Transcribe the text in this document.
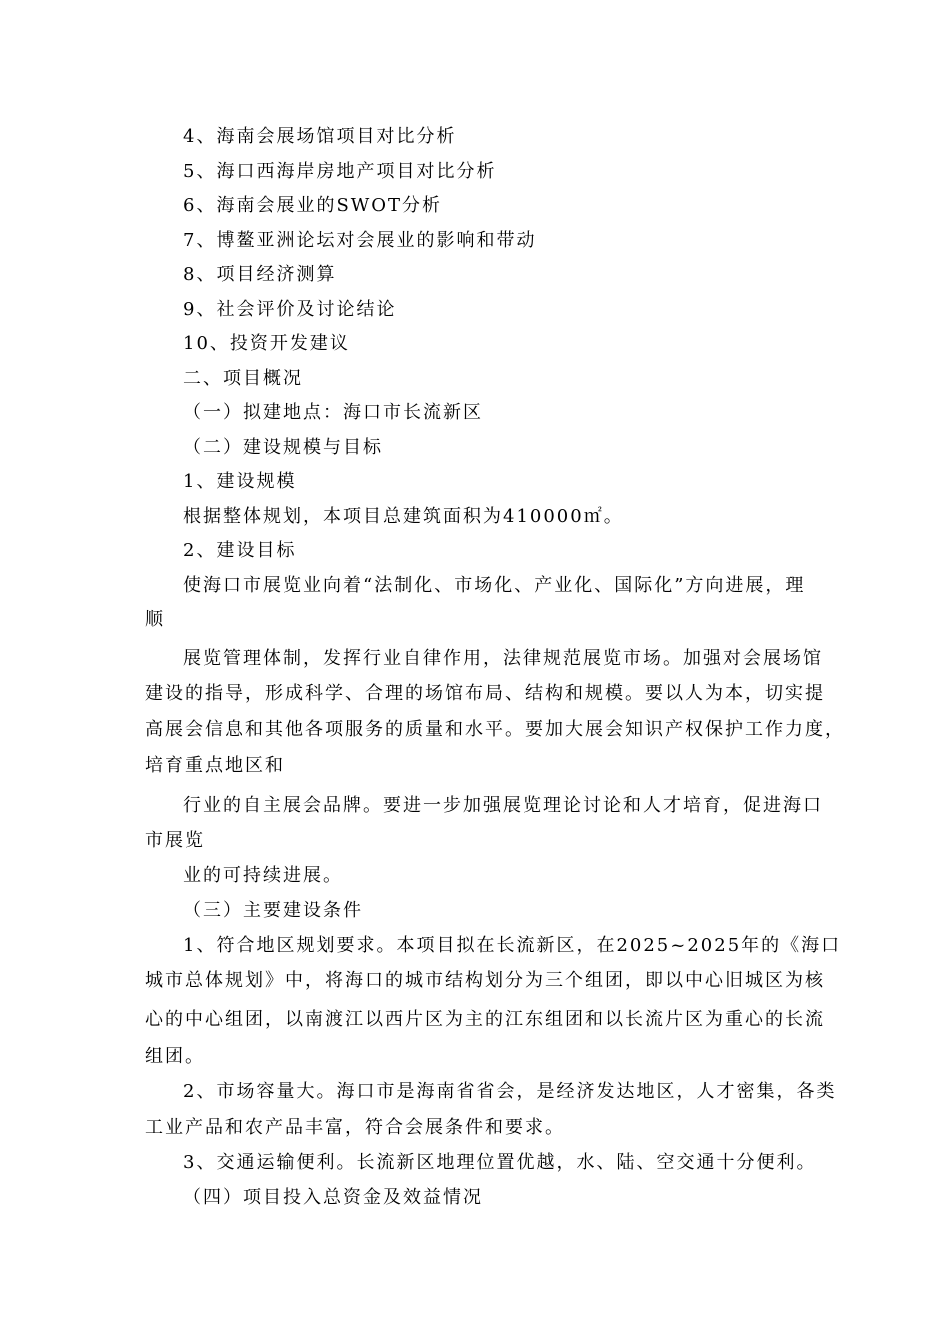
4、海南会展场馆项目对比分析

5、海口西海岸房地产项目对比分析

6、海南会展业的SWOT分析

7、博鳌亚洲论坛对会展业的影响和带动

8、项目经济测算

9、社会评价及讨论结论

10、投资开发建议

二、项目概况

（一）拟建地点：海口市长流新区

（二）建设规模与目标

1、建设规模

根据整体规划，本项目总建筑面积为410000㎡。

2、建设目标

使海口市展览业向着“法制化、市场化、产业化、国际化”方向进展，理

顺

展览管理体制，发挥行业自律作用，法律规范展览市场。加强对会展场馆

建设的指导，形成科学、合理的场馆布局、结构和规模。要以人为本，切实提

高展会信息和其他各项服务的质量和水平。要加大展会知识产权保护工作力度，

培育重点地区和

行业的自主展会品牌。要进一步加强展览理论讨论和人才培育，促进海口

市展览

业的可持续进展。

（三）主要建设条件

1、符合地区规划要求。本项目拟在长流新区，在2025~2025年的《海口

城市总体规划》中，将海口的城市结构划分为三个组团，即以中心旧城区为核

心的中心组团，以南渡江以西片区为主的江东组团和以长流片区为重心的长流

组团。

2、市场容量大。海口市是海南省省会，是经济发达地区，人才密集，各类

工业产品和农产品丰富，符合会展条件和要求。

3、交通运输便利。长流新区地理位置优越，水、陆、空交通十分便利。

（四）项目投入总资金及效益情况
